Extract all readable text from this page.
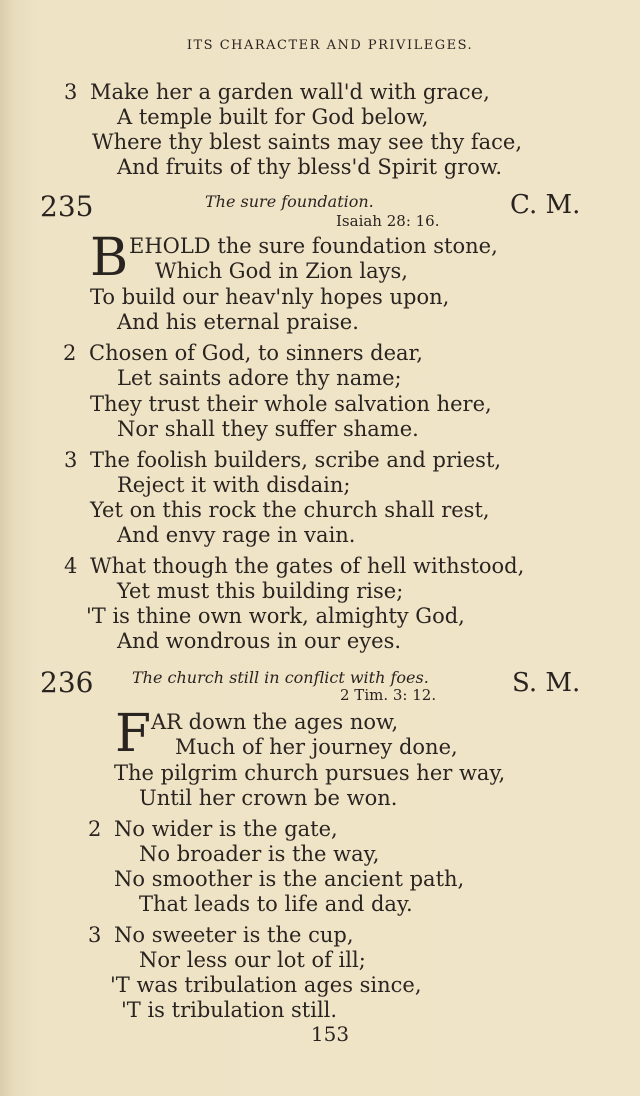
ITS CHARACTER AND PRIVILEGES.
3 Make her a garden wall'd with grace,
A temple built for God below,
Where thy blest saints may see thy face,
And fruits of thy bless'd Spirit grow.
235	The sure foundation.
Isaiah 28: 16.
C. M.
B EHOLD the sure foundation stone,
Which God in Zion lays,
To build our heav'nly hopes upon,
And his eternal praise.
2 Chosen of God, to sinners dear,
Let saints adore thy name;
They trust their whole salvation here,
Nor shall they suffer shame.
3 The foolish builders, scribe and priest,
Reject it with disdain;
Yet on this rock the church shall rest,
And envy rage in vain.
4 What though the gates of hell withstood,
Yet must this building rise;
'T is thine own work, almighty God,
And wondrous in our eyes.
236 The church still in conflict with foes.
2 Tim. 3: 12.	S. M.
F AR down the ages now,
Much of her journey done,
The pilgrim church pursues her way,
Until her crown be won.
2 No wider is the gate,
No broader is the way,
No smoother is the ancient path,
That leads to life and day.
3 No sweeter is the cup,
Nor less our lot of ill;
'T was tribulation ages since,
'T is tribulation still.
153
